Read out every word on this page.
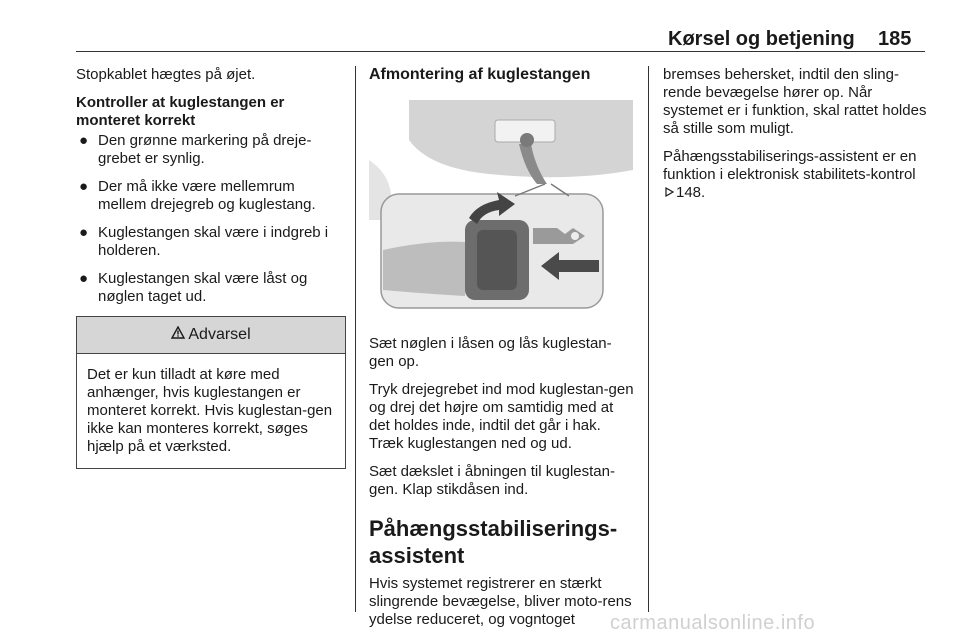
Kørsel og betjening 185

Stopkablet hægtes på øjet.

Kontroller at kuglestangen er monteret korrekt

● Den grønne markering på dreje-grebet er synlig.
● Der må ikke være mellemrum mellem drejegreb og kuglestang.
● Kuglestangen skal være i indgreb i holderen.
● Kuglestangen skal være låst og nøglen taget ud.
Advarsel
Det er kun tilladt at køre med anhænger, hvis kuglestangen er monteret korrekt. Hvis kuglestan-gen ikke kan monteres korrekt, søges hjælp på et værksted.

Afmontering af kuglestangen

Sæt nøglen i låsen og lås kuglestan-gen op.

Tryk drejegrebet ind mod kuglestan-gen og drej det højre om samtidig med at det holdes inde, indtil det går i hak. Træk kuglestangen ned og ud.

Sæt dækslet i åbningen til kuglestan-gen. Klap stikdåsen ind.

Påhængsstabiliserings-assistent

Hvis systemet registrerer en stærkt slingrende bevægelse, bliver moto-rens ydelse reduceret, og vogntoget

bremses behersket, indtil den sling-rende bevægelse hører op. Når systemet er i funktion, skal rattet holdes så stille som muligt.

Påhængsstabiliserings-assistent er en funktion i elektronisk stabilitets-kontrol 148.

carmanualsonline.info
